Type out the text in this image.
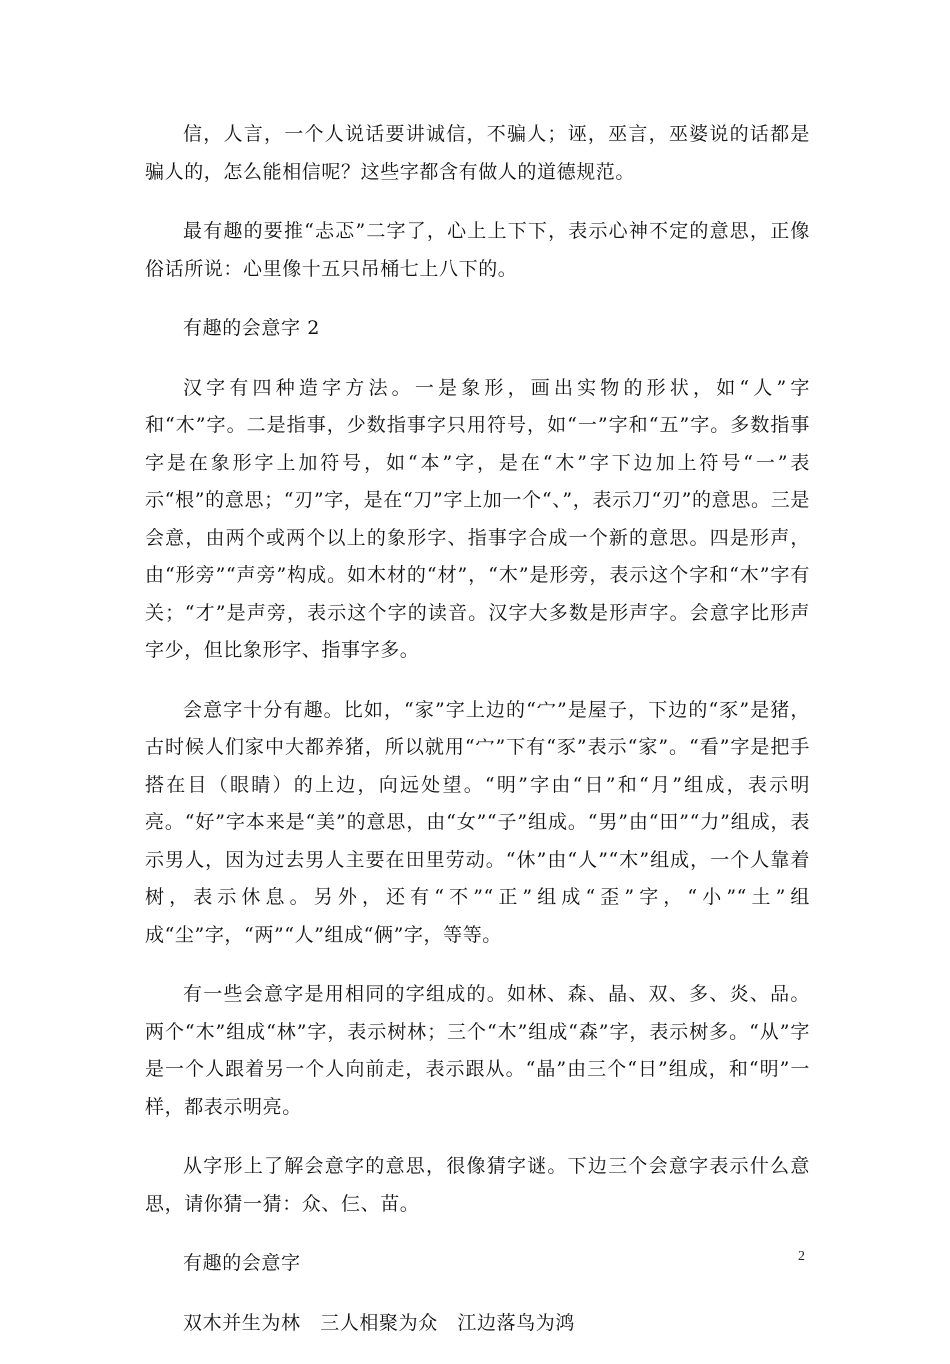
信，人言，一个人说话要讲诚信，不骗人；诬，巫言，巫婆说的话都是骗人的，怎么能相信呢？这些字都含有做人的道德规范。

最有趣的要推“忐忑”二字了，心上上下下，表示心神不定的意思，正像俗话所说：心里像十五只吊桶七上八下的。

有趣的会意字 2

汉字有四种造字方法。一是象形，画出实物的形状，如“人”字和“木”字。二是指事，少数指事字只用符号，如“一”字和“五”字。多数指事字是在象形字上加符号，如“本”字，是在“木”字下边加上符号“一”表示“根”的意思；“刃”字，是在“刀”字上加一个“、”，表示刀“刃”的意思。三是会意，由两个或两个以上的象形字、指事字合成一个新的意思。四是形声，由“形旁”“声旁”构成。如木材的“材”，“木”是形旁，表示这个字和“木”字有关；“才”是声旁，表示这个字的读音。汉字大多数是形声字。会意字比形声字少，但比象形字、指事字多。

会意字十分有趣。比如，“家”字上边的“宀”是屋子，下边的“豕”是猪，古时候人们家中大都养猪，所以就用“宀”下有“豕”表示“家”。“看”字是把手搭在目（眼睛）的上边，向远处望。“明”字由“日”和“月”组成，表示明亮。“好”字本来是“美”的意思，由“女”“子”组成。“男”由“田”“力”组成，表示男人，因为过去男人主要在田里劳动。“休”由“人”“木”组成，一个人靠着树，表示休息。另外，还有“不”“正”组成“歪”字，“小”“土”组成“尘”字，“两”“人”组成“俩”字，等等。

有一些会意字是用相同的字组成的。如林、森、晶、双、多、炎、品。两个“木”组成“林”字，表示树林；三个“木”组成“森”字，表示树多。“从”字是一个人跟着另一个人向前走，表示跟从。“晶”由三个“日”组成，和“明”一样，都表示明亮。

从字形上了解会意字的意思，很像猜字谜。下边三个会意字表示什么意思，请你猜一猜：众、仨、苗。

有趣的会意字

双木并生为林　三人相聚为众　江边落鸟为鸿

2
